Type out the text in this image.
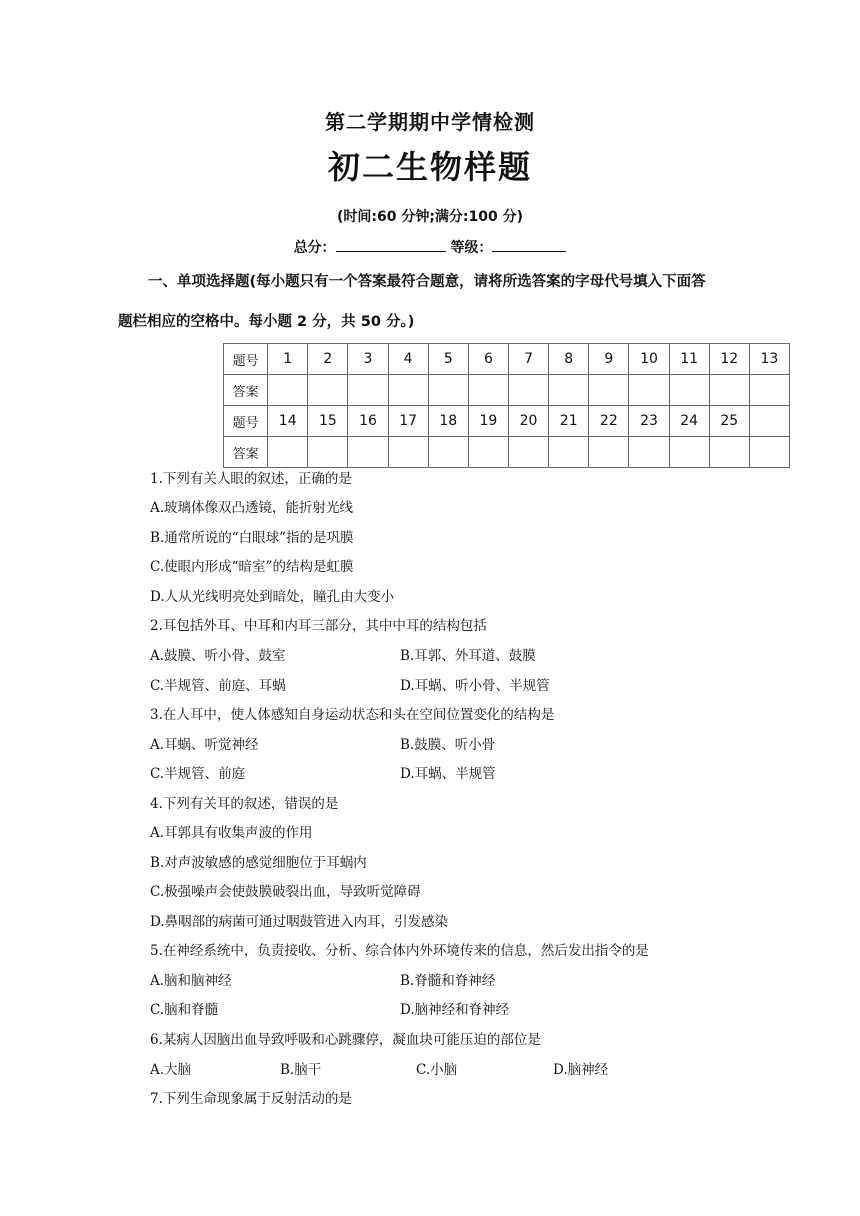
第二学期期中学情检测
初二生物样题
(时间:60 分钟;满分:100 分)
总分：	等级：
一、单项选择题(每小题只有一个答案最符合题意，请将所选答案的字母代号填入下面答
题栏相应的空格中。每小题 2 分，共 50 分。)
题号	1	2	3	4	5	6	7	8	9	10	11	12	13
答案													
题号	14	15	16	17	18	19	20	21	22	23	24	25	
答案													
1.下列有关人眼的叙述，正确的是
A.玻璃体像双凸透镜，能折射光线
B.通常所说的“白眼球”指的是巩膜
C.使眼内形成“暗室”的结构是虹膜
D.人从光线明亮处到暗处，瞳孔由大变小
2.耳包括外耳、中耳和内耳三部分，其中中耳的结构包括
A.鼓膜、听小骨、鼓室	B.耳郭、外耳道、鼓膜
C.半规管、前庭、耳蜗	D.耳蜗、听小骨、半规管
3.在人耳中，使人体感知自身运动状态和头在空间位置变化的结构是
A.耳蜗、听觉神经	B.鼓膜、听小骨
C.半规管、前庭	D.耳蜗、半规管
4.下列有关耳的叙述，错误的是
A.耳郭具有收集声波的作用
B.对声波敏感的感觉细胞位于耳蜗内
C.极强噪声会使鼓膜破裂出血，导致听觉障碍
D.鼻咽部的病菌可通过咽鼓管进入内耳，引发感染
5.在神经系统中，负责接收、分析、综合体内外环境传来的信息，然后发出指令的是
A.脑和脑神经	B.脊髓和脊神经
C.脑和脊髓	D.脑神经和脊神经
6.某病人因脑出血导致呼吸和心跳骤停，凝血块可能压迫的部位是
A.大脑	B.脑干	C.小脑	D.脑神经
7.下列生命现象属于反射活动的是
